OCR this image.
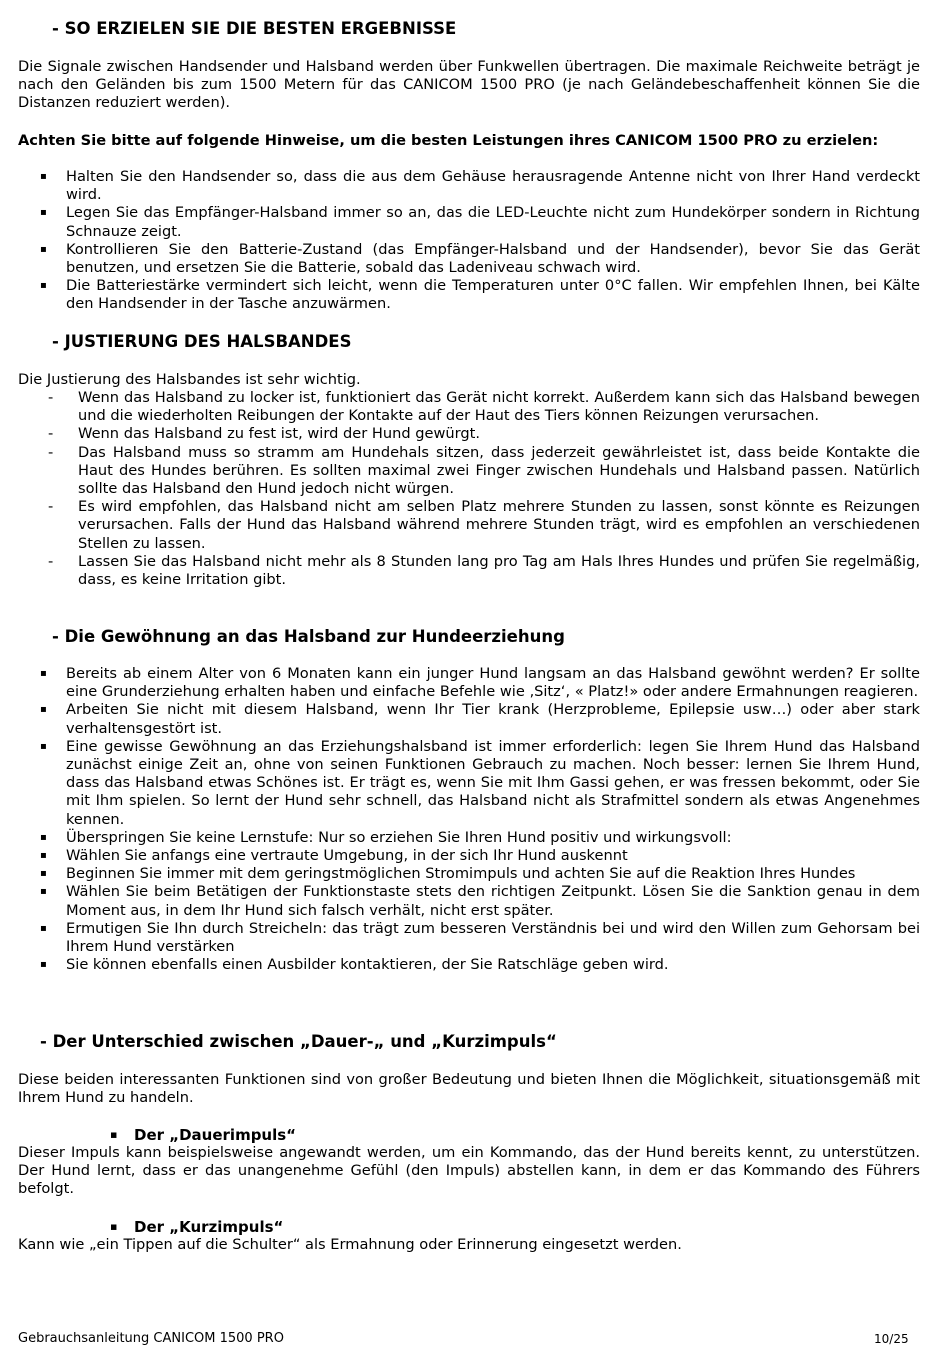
- SO ERZIELEN SIE DIE BESTEN ERGEBNISSE

Die Signale zwischen Handsender und Halsband werden über Funkwellen übertragen. Die maximale Reichweite beträgt je nach den Geländen bis zum 1500 Metern für das CANICOM 1500 PRO (je nach Geländebeschaffenheit können Sie die Distanzen reduziert werden).

Achten Sie bitte auf folgende Hinweise, um die besten Leistungen ihres CANICOM 1500 PRO zu erzielen:

▪ Halten Sie den Handsender so, dass die aus dem Gehäuse herausragende Antenne nicht von Ihrer Hand verdeckt wird.
▪ Legen Sie das Empfänger-Halsband immer so an, das die LED-Leuchte nicht zum Hundekörper sondern in Richtung Schnauze zeigt.
▪ Kontrollieren Sie den Batterie-Zustand (das Empfänger-Halsband und der Handsender), bevor Sie das Gerät benutzen, und ersetzen Sie die Batterie, sobald das Ladeniveau schwach wird.
▪ Die Batteriestärke vermindert sich leicht, wenn die Temperaturen unter 0°C fallen. Wir empfehlen Ihnen, bei Kälte den Handsender in der Tasche anzuwärmen.
- JUSTIERUNG DES HALSBANDES

Die Justierung des Halsbandes ist sehr wichtig.

- Wenn das Halsband zu locker ist, funktioniert das Gerät nicht korrekt. Außerdem kann sich das Halsband bewegen und die wiederholten Reibungen der Kontakte auf der Haut des Tiers können Reizungen verursachen.
- Wenn das Halsband zu fest ist, wird der Hund gewürgt.
- Das Halsband muss so stramm am Hundehals sitzen, dass jederzeit gewährleistet ist, dass beide Kontakte die Haut des Hundes berühren. Es sollten maximal zwei Finger zwischen Hundehals und Halsband passen. Natürlich sollte das Halsband den Hund jedoch nicht würgen.
- Es wird empfohlen, das Halsband nicht am selben Platz mehrere Stunden zu lassen, sonst könnte es Reizungen verursachen. Falls der Hund das Halsband während mehrere Stunden trägt, wird es empfohlen an verschiedenen Stellen zu lassen.
- Lassen Sie das Halsband nicht mehr als 8 Stunden lang pro Tag am Hals Ihres Hundes und prüfen Sie regelmäßig, dass, es keine Irritation gibt.
- Die Gewöhnung an das Halsband zur Hundeerziehung
▪ Bereits ab einem Alter von 6 Monaten kann ein junger Hund langsam an das Halsband gewöhnt werden? Er sollte eine Grunderziehung erhalten haben und einfache Befehle wie ‚Sitz‘, « Platz!» oder andere Ermahnungen reagieren.
▪ Arbeiten Sie nicht mit diesem Halsband, wenn Ihr Tier krank (Herzprobleme, Epilepsie usw…) oder aber stark verhaltensgestört ist.
▪ Eine gewisse Gewöhnung an das Erziehungshalsband ist immer erforderlich: legen Sie Ihrem Hund das Halsband zunächst einige Zeit an, ohne von seinen Funktionen Gebrauch zu machen. Noch besser: lernen Sie Ihrem Hund, dass das Halsband etwas Schönes ist. Er trägt es, wenn Sie mit Ihm Gassi gehen, er was fressen bekommt, oder Sie mit Ihm spielen. So lernt der Hund sehr schnell, das Halsband nicht als Strafmittel sondern als etwas Angenehmes kennen.
▪ Überspringen Sie keine Lernstufe: Nur so erziehen Sie Ihren Hund positiv und wirkungsvoll:
▪ Wählen Sie anfangs eine vertraute Umgebung, in der sich Ihr Hund auskennt
▪ Beginnen Sie immer mit dem geringstmöglichen Stromimpuls und achten Sie auf die Reaktion Ihres Hundes
▪ Wählen Sie beim Betätigen der Funktionstaste stets den richtigen Zeitpunkt. Lösen Sie die Sanktion genau in dem Moment aus, in dem Ihr Hund sich falsch verhält, nicht erst später.
▪ Ermutigen Sie Ihn durch Streicheln: das trägt zum besseren Verständnis bei und wird den Willen zum Gehorsam bei Ihrem Hund verstärken
▪ Sie können ebenfalls einen Ausbilder kontaktieren, der Sie Ratschläge geben wird.
- Der Unterschied zwischen „Dauer-„ und „Kurzimpuls“

Diese beiden interessanten Funktionen sind von großer Bedeutung und bieten Ihnen die Möglichkeit, situationsgemäß mit Ihrem Hund zu handeln.

▪ Der „Dauerimpuls“

Dieser Impuls kann beispielsweise angewandt werden, um ein Kommando, das der Hund bereits kennt, zu unterstützen. Der Hund lernt, dass er das unangenehme Gefühl (den Impuls) abstellen kann, in dem er das Kommando des Führers befolgt.

▪ Der „Kurzimpuls“

Kann wie „ein Tippen auf die Schulter“ als Ermahnung oder Erinnerung eingesetzt werden.

Gebrauchsanleitung CANICOM 1500 PRO	10/25
